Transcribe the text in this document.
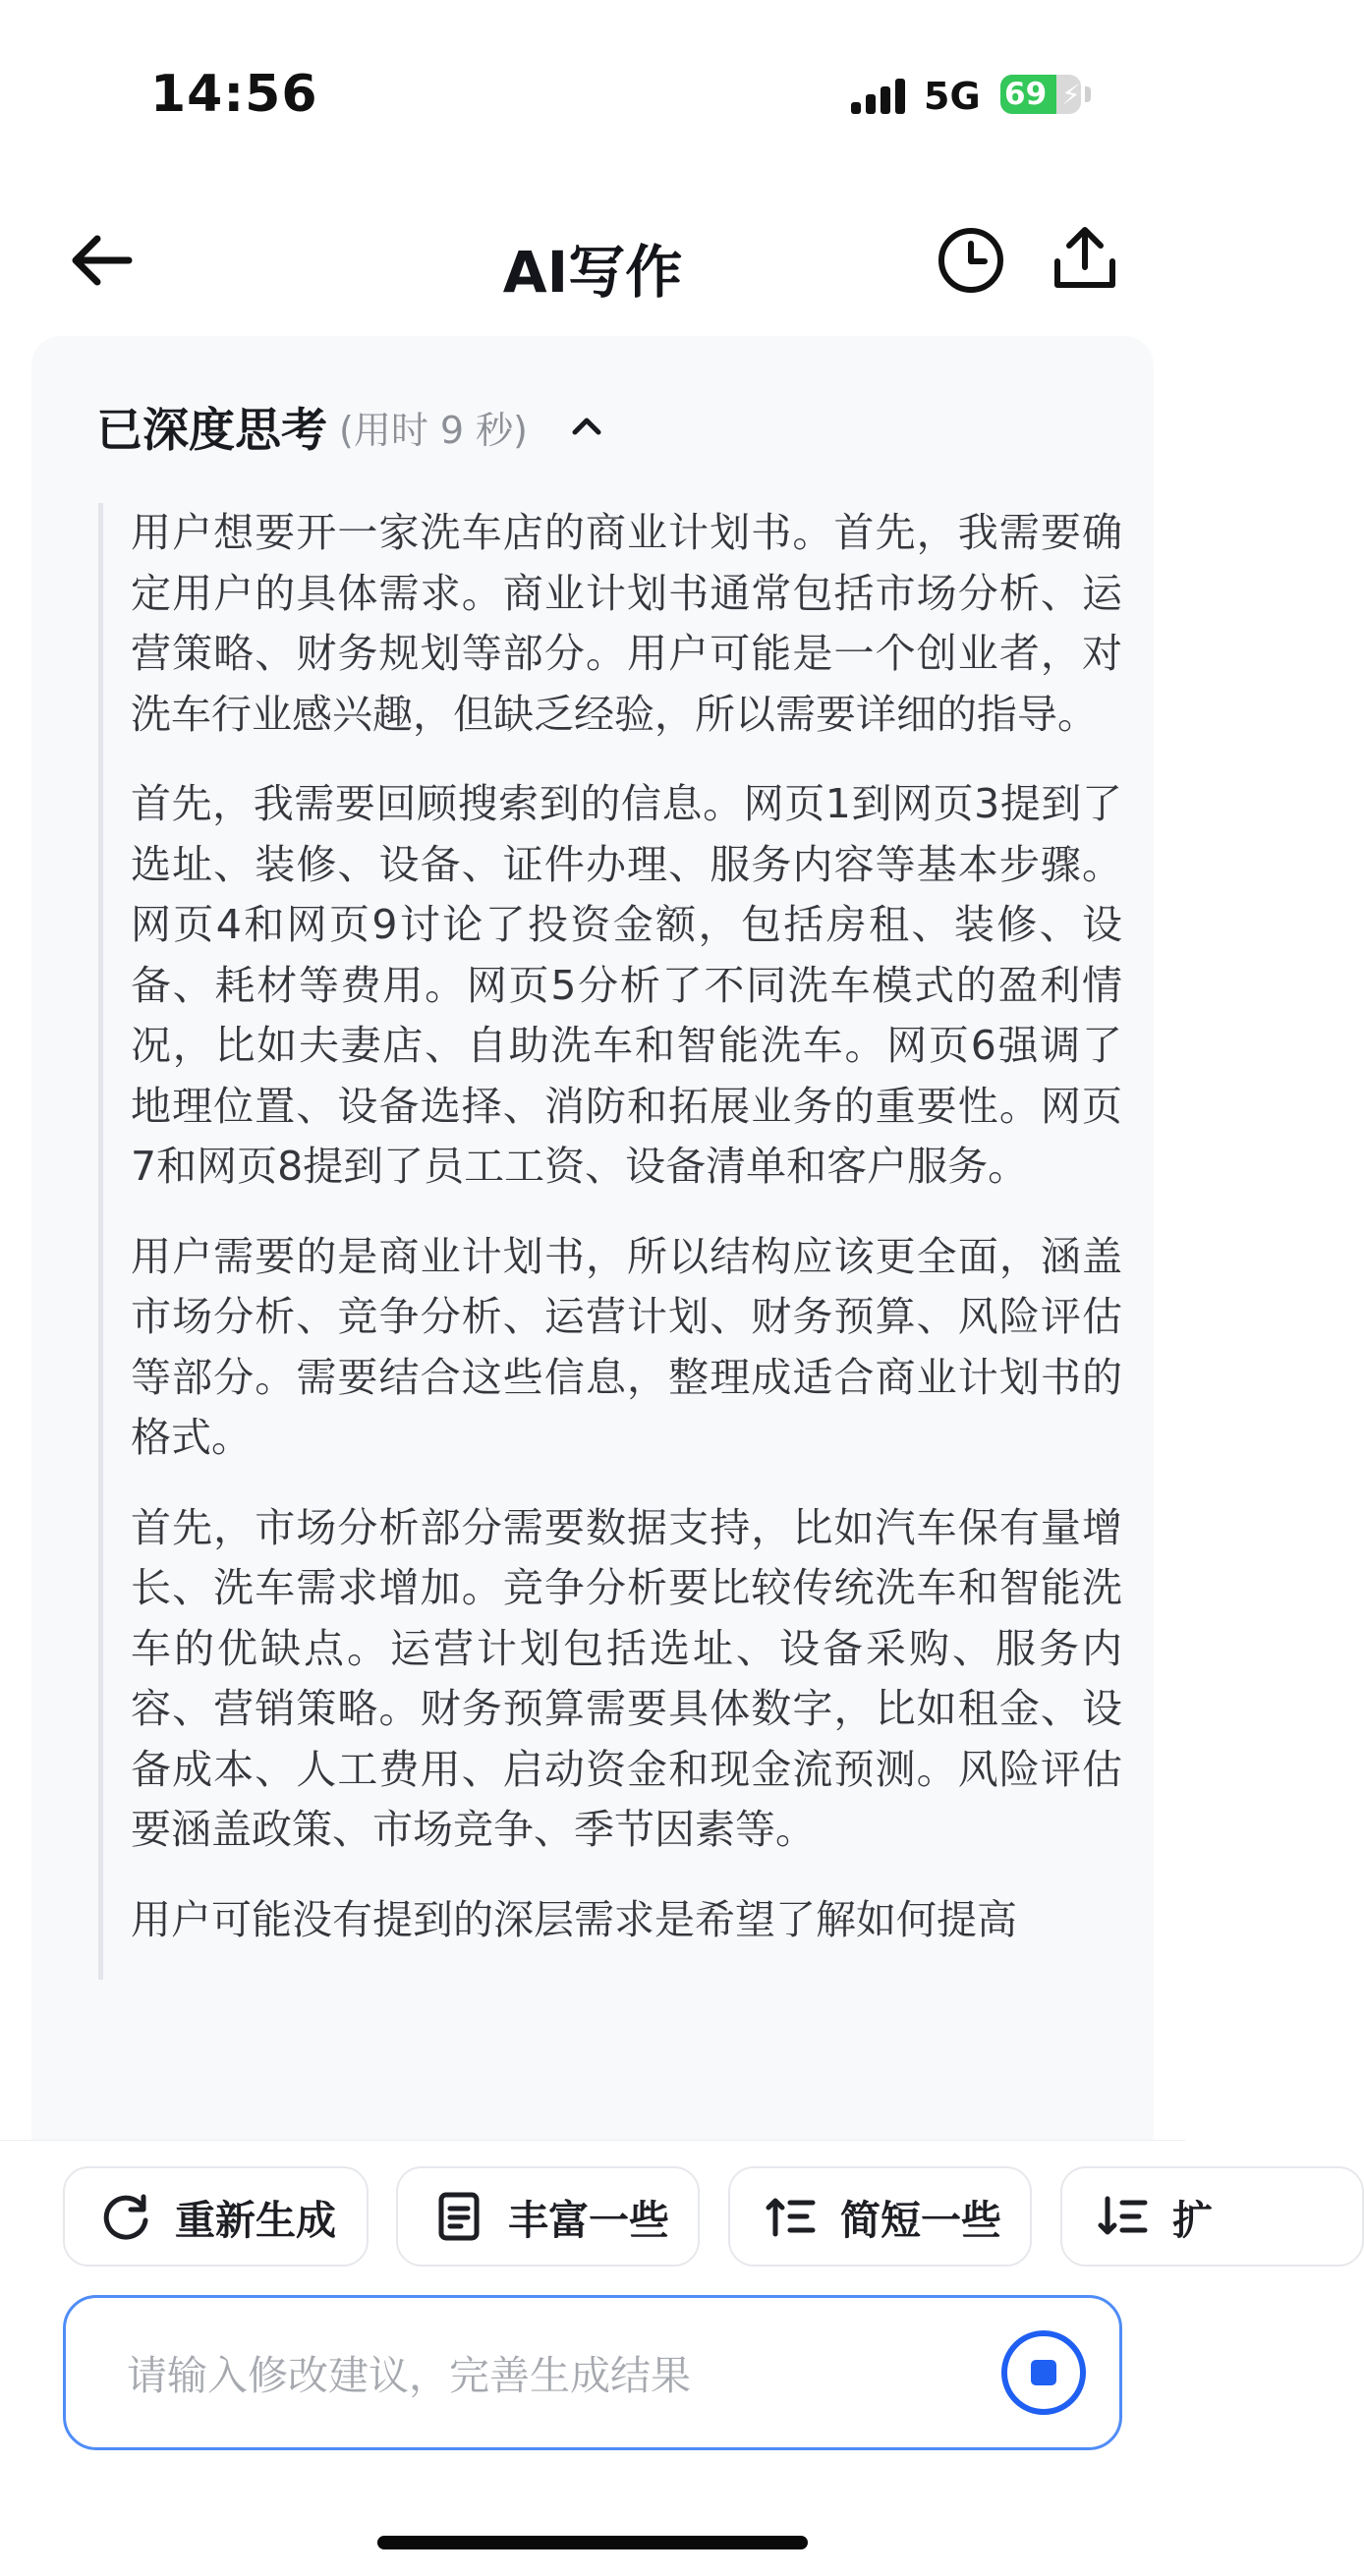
14:56	5G 69 ⚡
AI写作
已深度思考 (用时 9 秒)

用户想要开一家洗车店的商业计划书。首先，我需要确定用户的具体需求。商业计划书通常包括市场分析、运营策略、财务规划等部分。用户可能是一个创业者，对洗车行业感兴趣，但缺乏经验，所以需要详细的指导。

首先，我需要回顾搜索到的信息。网页1到网页3提到了选址、装修、设备、证件办理、服务内容等基本步骤。网页4和网页9讨论了投资金额，包括房租、装修、设备、耗材等费用。网页5分析了不同洗车模式的盈利情况，比如夫妻店、自助洗车和智能洗车。网页6强调了地理位置、设备选择、消防和拓展业务的重要性。网页7和网页8提到了员工工资、设备清单和客户服务。

用户需要的是商业计划书，所以结构应该更全面，涵盖市场分析、竞争分析、运营计划、财务预算、风险评估等部分。需要结合这些信息，整理成适合商业计划书的格式。

首先，市场分析部分需要数据支持，比如汽车保有量增长、洗车需求增加。竞争分析要比较传统洗车和智能洗车的优缺点。运营计划包括选址、设备采购、服务内容、营销策略。财务预算需要具体数字，比如租金、设备成本、人工费用、启动资金和现金流预测。风险评估要涵盖政策、市场竞争、季节因素等。

用户可能没有提到的深层需求是希望了解如何提高

重新生成	丰富一些	简短一些	扩
请输入修改建议，完善生成结果
